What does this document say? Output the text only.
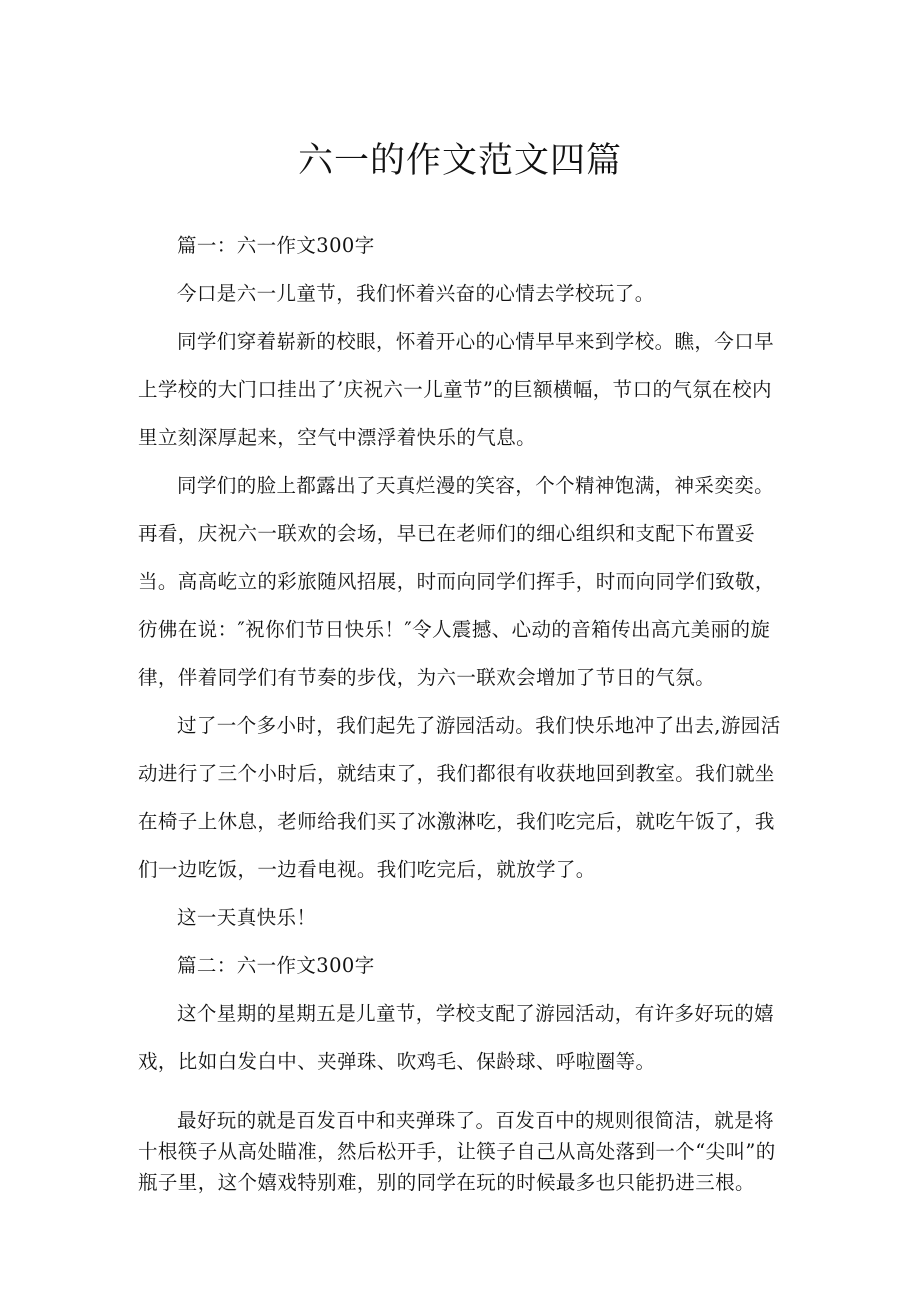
六一的作文范文四篇

篇一：六一作文300字

今口是六一儿童节，我们怀着兴奋的心情去学校玩了。

同学们穿着崭新的校眼，怀着开心的心情早早来到学校。瞧，今口早上学校的大门口挂出了’庆祝六一儿童节”的巨额横幅，节口的气氛在校内里立刻深厚起来，空气中漂浮着快乐的气息。

同学们的脸上都露出了天真烂漫的笑容，个个精神饱满，神采奕奕。再看，庆祝六一联欢的会场，早已在老师们的细心组织和支配下布置妥当。高高屹立的彩旅随风招展，时而向同学们挥手，时而向同学们致敬，彷佛在说：″祝你们节日快乐！″令人震撼、心动的音箱传出高亢美丽的旋律，伴着同学们有节奏的步伐，为六一联欢会增加了节日的气氛。

过了一个多小时，我们起先了游园活动。我们快乐地冲了出去,游园活动进行了三个小时后，就结束了，我们都很有收获地回到教室。我们就坐在椅子上休息，老师给我们买了冰激淋吃，我们吃完后，就吃午饭了，我们一边吃饭，一边看电视。我们吃完后，就放学了。

这一天真快乐！

篇二：六一作文300字

这个星期的星期五是儿童节，学校支配了游园活动，有许多好玩的嬉戏，比如白发白中、夹弹珠、吹鸡毛、保龄球、呼啦圈等。

最好玩的就是百发百中和夹弹珠了。百发百中的规则很简洁，就是将十根筷子从高处瞄准，然后松开手，让筷子自己从高处落到一个“尖叫”的瓶子里，这个嬉戏特别难，别的同学在玩的时候最多也只能扔进三根。
